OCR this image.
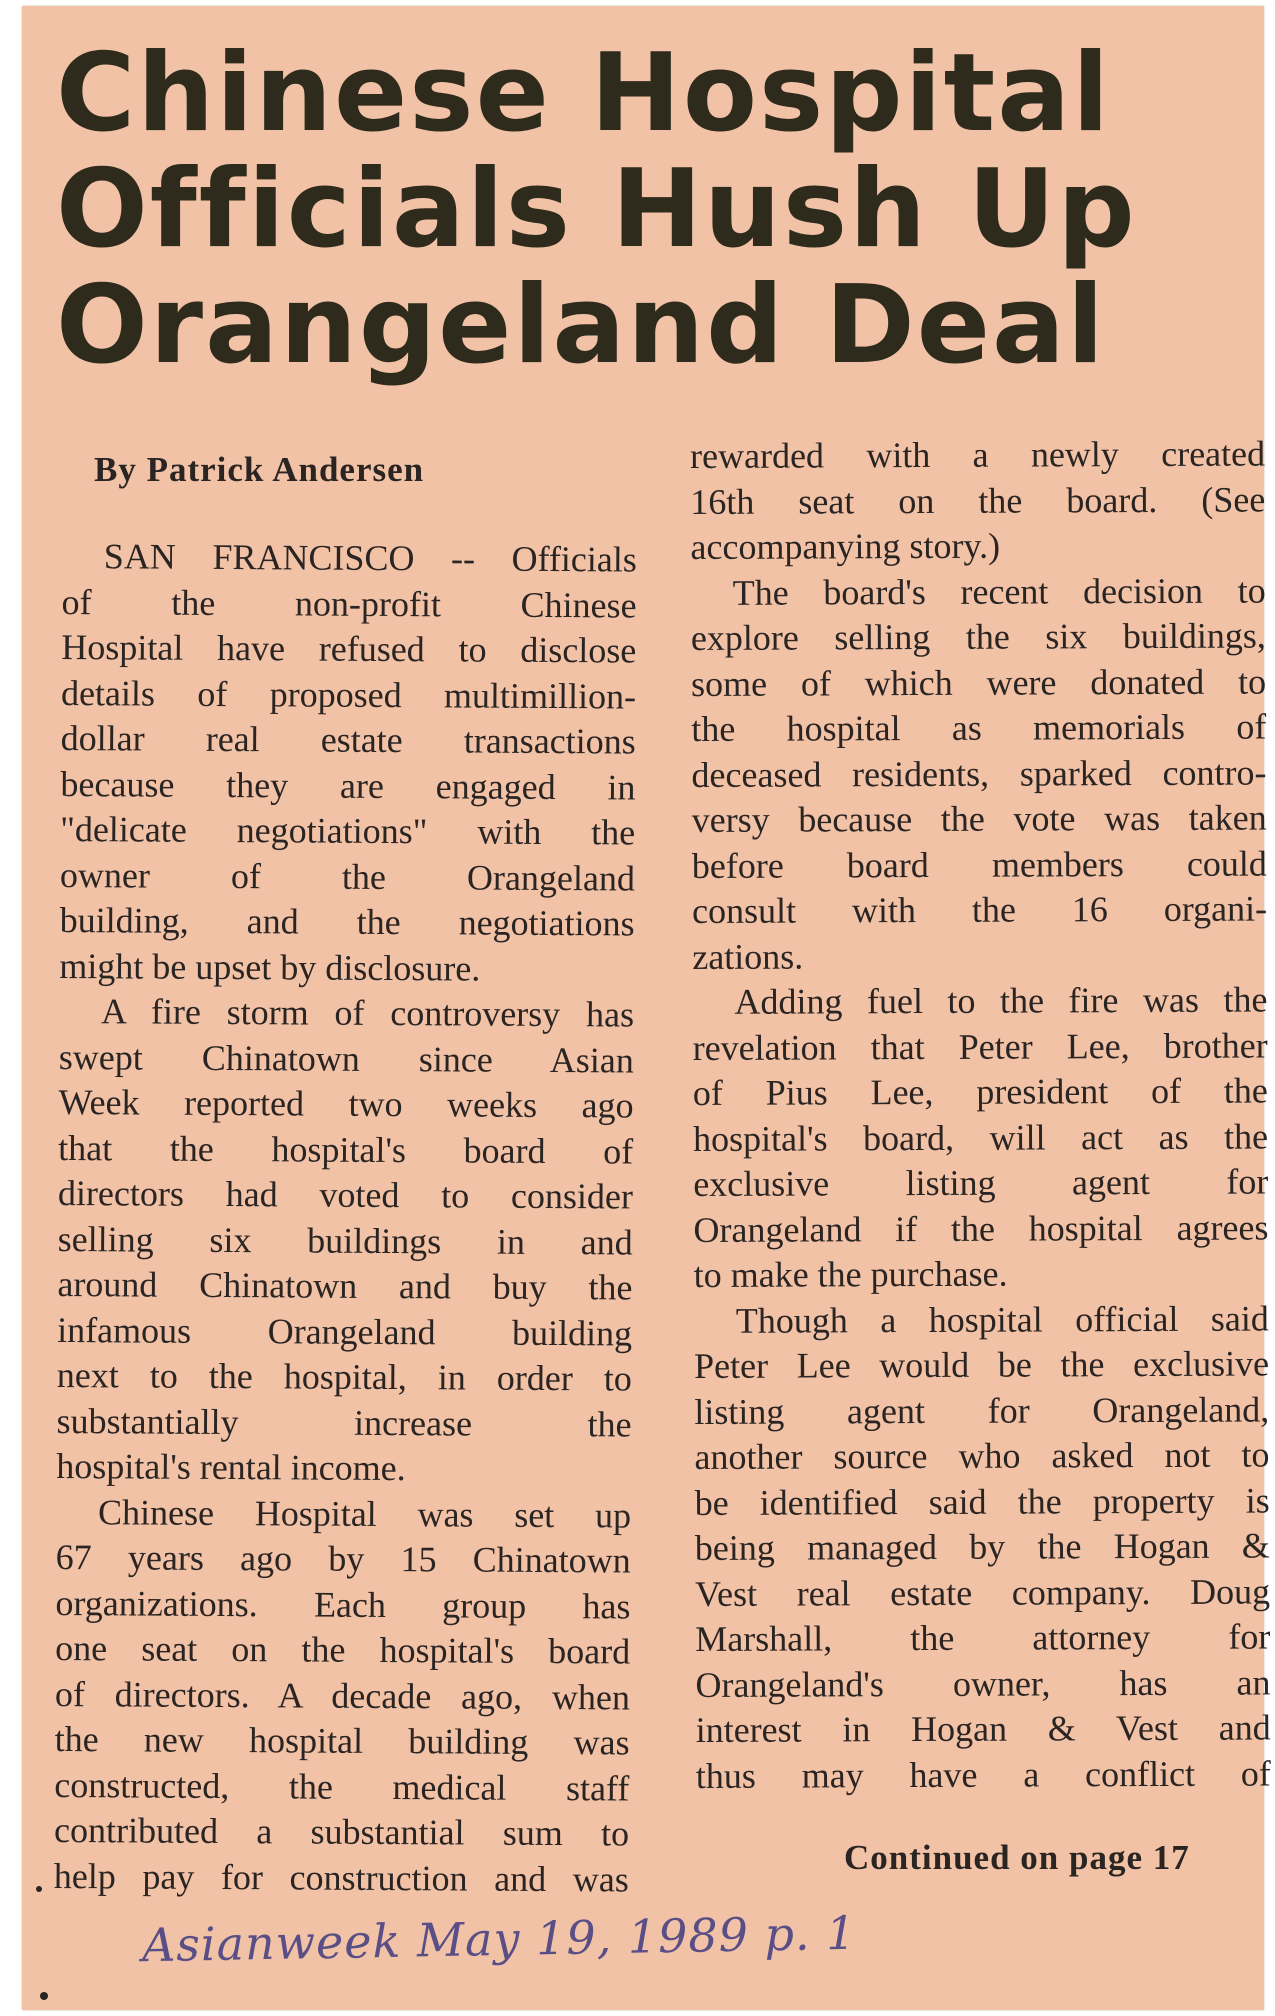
Chinese Hospital
Officials Hush Up
Orangeland Deal
By Patrick Andersen
SAN FRANCISCO -- Officials
of the non-profit Chinese
Hospital have refused to disclose
details of proposed multimillion-
dollar real estate transactions
because they are engaged in
"delicate negotiations" with the
owner of the Orangeland
building, and the negotiations
might be upset by disclosure.
A fire storm of controversy has
swept Chinatown since Asian
Week reported two weeks ago
that the hospital's board of
directors had voted to consider
selling six buildings in and
around Chinatown and buy the
infamous Orangeland building
next to the hospital, in order to
substantially increase the
hospital's rental income.
Chinese Hospital was set up
67 years ago by 15 Chinatown
organizations. Each group has
one seat on the hospital's board
of directors. A decade ago, when
the new hospital building was
constructed, the medical staff
contributed a substantial sum to
help pay for construction and was
rewarded with a newly created
16th seat on the board. (See
accompanying story.)
The board's recent decision to
explore selling the six buildings,
some of which were donated to
the hospital as memorials of
deceased residents, sparked contro-
versy because the vote was taken
before board members could
consult with the 16 organi-
zations.
Adding fuel to the fire was the
revelation that Peter Lee, brother
of Pius Lee, president of the
hospital's board, will act as the
exclusive listing agent for
Orangeland if the hospital agrees
to make the purchase.
Though a hospital official said
Peter Lee would be the exclusive
listing agent for Orangeland,
another source who asked not to
be identified said the property is
being managed by the Hogan &
Vest real estate company. Doug
Marshall, the attorney for
Orangeland's owner, has an
interest in Hogan & Vest and
thus may have a conflict of
Continued on page 17
Asianweek May 19, 1989 p. 1
